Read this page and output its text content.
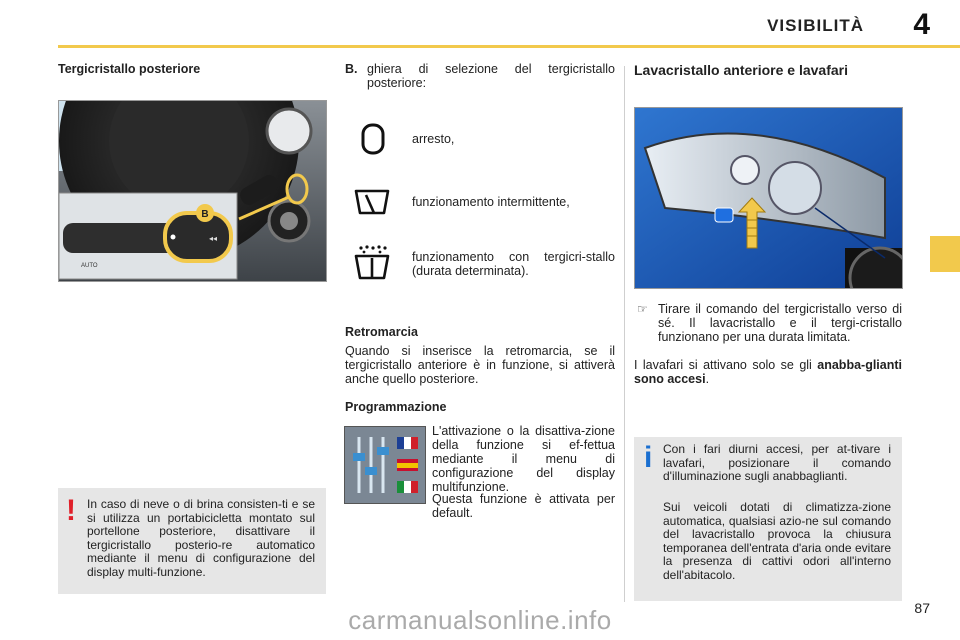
VISIBILITÀ 4
Tergicristallo posteriore
AUTO
◂◂
B
! In caso di neve o di brina consisten-ti e se si utilizza un portabicicletta montato sul portellone posteriore, disattivare il tergicristallo posterio-re automatico mediante il menu di configurazione del display multi-funzione.
B. ghiera di selezione del tergicristallo posteriore:
arresto,
funzionamento intermittente,
funzionamento con tergicri-stallo (durata determinata).
Retromarcia
Quando si inserisce la retromarcia, se il tergicristallo anteriore è in funzione, si attiverà anche quello posteriore.
Programmazione
L'attivazione o la disattiva-zione della funzione si ef-fettua mediante il menu di configurazione del display multifunzione.
Questa funzione è attivata per default.
Lavacristallo anteriore e lavafari
☞ Tirare il comando del tergicristallo verso di sé. Il lavacristallo e il tergi-cristallo funzionano per una durata limitata.
I lavafari si attivano solo se gli anabba-glianti sono accesi.
i Con i fari diurni accesi, per at-tivare i lavafari, posizionare il comando d'illuminazione sugli anabbaglianti.
Sui veicoli dotati di climatizza-zione automatica, qualsiasi azio-ne sul comando del lavacristallo provoca la chiusura temporanea dell'entrata d'aria onde evitare la presenza di cattivi odori all'interno dell'abitacolo.
87
carmanualsonline.info
